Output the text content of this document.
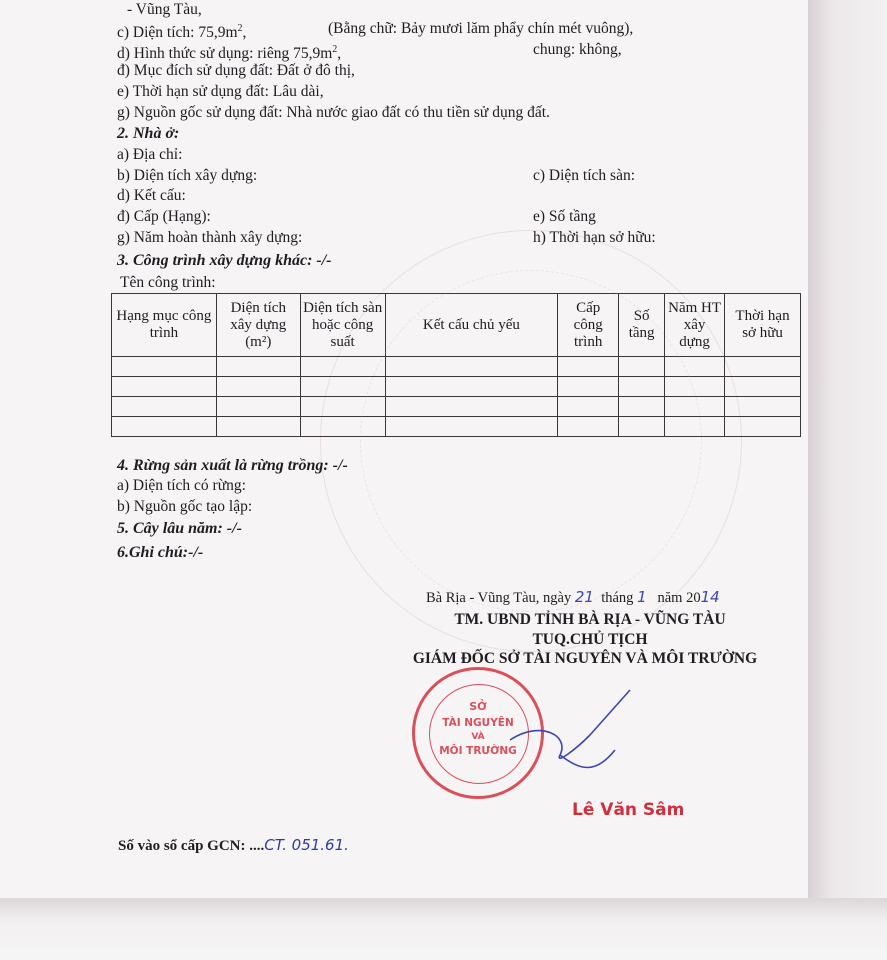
- Vũng Tàu,
c) Diện tích: $75,9m^2$,	(Bằng chữ: Bảy mươi lăm phẩy chín mét vuông),
d) Hình thức sử dụng: riêng $75,9m^2$,	chung: không,
đ) Mục đích sử dụng đất: Đất ở đô thị,
e) Thời hạn sử dụng đất: Lâu dài,
g) Nguồn gốc sử dụng đất: Nhà nước giao đất có thu tiền sử dụng đất.
2. Nhà ở:
a) Địa chỉ:
b) Diện tích xây dựng:	c) Diện tích sàn:
d) Kết cấu:
đ) Cấp (Hạng):	e) Số tầng
g) Năm hoàn thành xây dựng:	h) Thời hạn sở hữu:
3. Công trình xây dựng khác: -/-
Tên công trình:
Hạng mục công trình	Diện tích xây dựng (m²)	Diện tích sàn hoặc công suất	Kết cấu chủ yếu	Cấp công trình	Số tầng	Năm HT xây dựng	Thời hạn sở hữu

4. Rừng sản xuất là rừng trồng: -/-
a) Diện tích có rừng:
b) Nguồn gốc tạo lập:
5. Cây lâu năm: -/-
6.Ghi chú:-/-
Bà Rịa - Vũng Tàu, ngày 21 tháng 1 năm 2014
TM. UBND TỈNH BÀ RỊA - VŨNG TÀU
TUQ.CHỦ TỊCH
GIÁM ĐỐC SỞ TÀI NGUYÊN VÀ MÔI TRƯỜNG
SỞ
TÀI NGUYÊN
VÀ
MÔI TRƯỜNG
Lê Văn Sâm
Số vào sổ cấp GCN: ....CT. 051.61.
